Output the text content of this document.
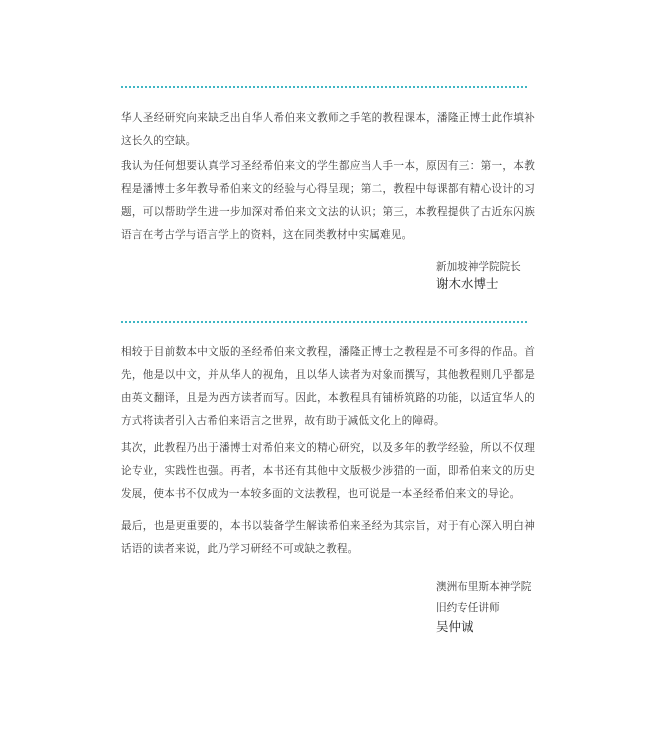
华人圣经研究向来缺乏出自华人希伯来文教师之手笔的教程课本，潘隆正博士此作填补这长久的空缺。

我认为任何想要认真学习圣经希伯来文的学生都应当人手一本，原因有三：第一，本教程是潘博士多年教导希伯来文的经验与心得呈现；第二，教程中每课都有精心设计的习题，可以帮助学生进一步加深对希伯来文文法的认识；第三，本教程提供了古近东闪族语言在考古学与语言学上的资料，这在同类教材中实属难见。

新加坡神学院院长

谢木水博士

相较于目前数本中文版的圣经希伯来文教程，潘隆正博士之教程是不可多得的作品。首先，他是以中文，并从华人的视角，且以华人读者为对象而撰写，其他教程则几乎都是由英文翻译，且是为西方读者而写。因此，本教程具有铺桥筑路的功能，以适宜华人的方式将读者引入古希伯来语言之世界，故有助于减低文化上的障碍。

其次，此教程乃出于潘博士对希伯来文的精心研究，以及多年的教学经验，所以不仅理论专业，实践性也强。再者，本书还有其他中文版极少涉猎的一面，即希伯来文的历史发展，使本书不仅成为一本较多面的文法教程，也可说是一本圣经希伯来文的导论。

最后，也是更重要的，本书以装备学生解读希伯来圣经为其宗旨，对于有心深入明白神话语的读者来说，此乃学习研经不可或缺之教程。

澳洲布里斯本神学院

旧约专任讲师

吴仲诚
